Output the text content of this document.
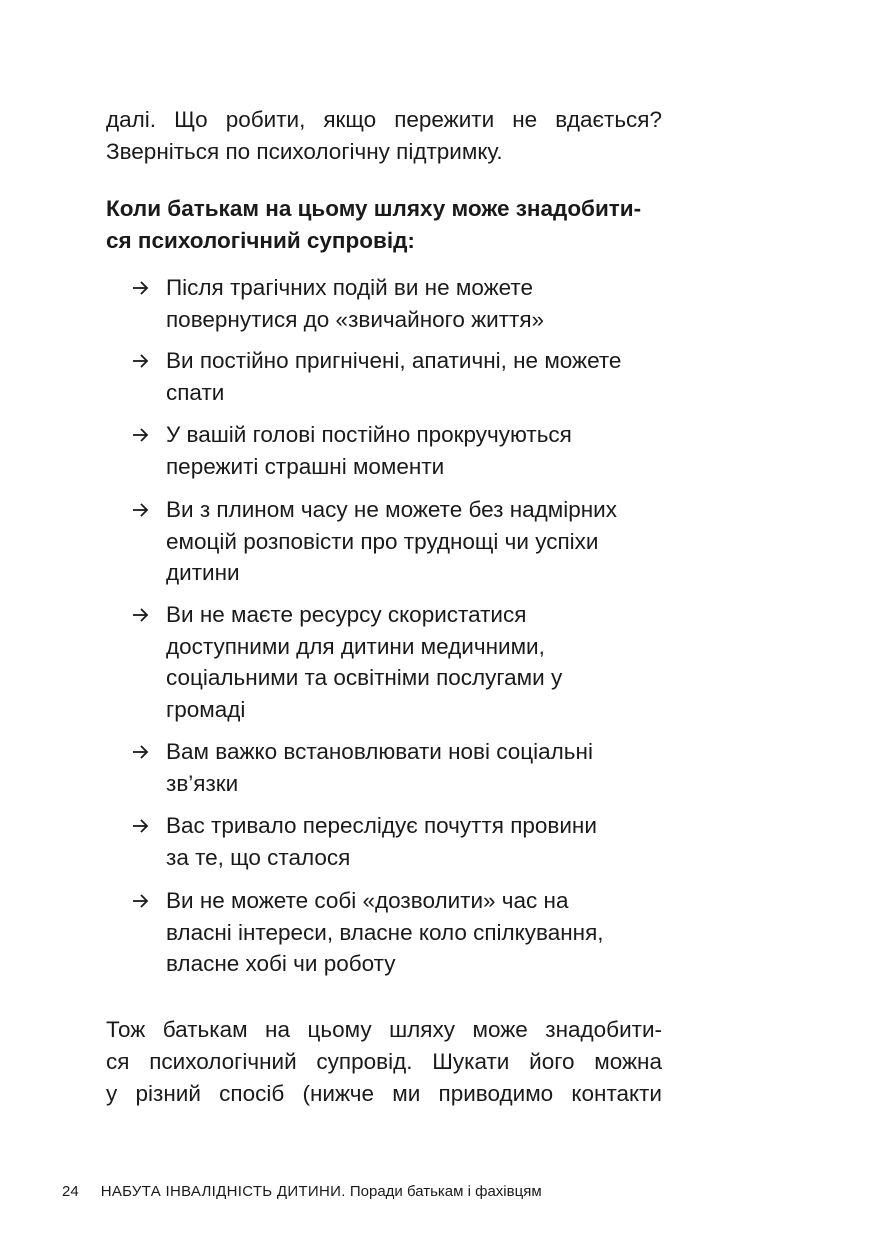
далі. Що робити, якщо пережити не вдається?
Зверніться по психологічну підтримку.

Коли батькам на цьому шляху може знадобити-
ся психологічний супровід:

Після трагічних подій ви не можете
повернутися до «звичайного життя»
Ви постійно пригнічені, апатичні, не можете
спати
У вашій голові постійно прокручуються
пережиті страшні моменти
Ви з плином часу не можете без надмірних
емоцій розповісти про труднощі чи успіхи
дитини
Ви не маєте ресурсу скористатися
доступними для дитини медичними,
соціальними та освітніми послугами у
громаді
Вам важко встановлювати нові соціальні
зв’язки
Вас тривало переслідує почуття провини
за те, що сталося
Ви не можете собі «дозволити» час на
власні інтереси, власне коло спілкування,
власне хобі чи роботу

Тож батькам на цьому шляху може знадобити-
ся психологічний супровід. Шукати його можна
у різний спосіб (нижче ми приводимо контакти

24 НАБУТА ІНВАЛІДНІСТЬ ДИТИНИ. Поради батькам і фахівцям
